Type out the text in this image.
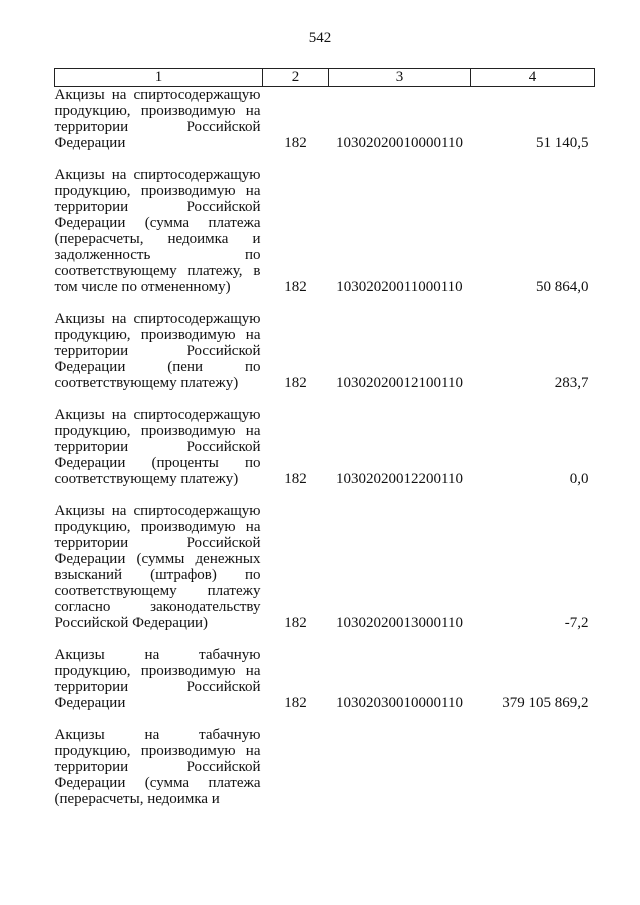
542
1	2	3	4
Акцизы на спиртосодержащую продукцию, производимую на территории Российской Федерации	182	10302020010000110	51 140,5

Акцизы на спиртосодержащую продукцию, производимую на территории Российской Федерации (сумма платежа (перерасчеты, недоимка и задолженность по соответствующему платежу, в том числе по отмененному)	182	10302020011000110	50 864,0

Акцизы на спиртосодержащую продукцию, производимую на территории Российской Федерации (пени по соответствующему платежу)	182	10302020012100110	283,7

Акцизы на спиртосодержащую продукцию, производимую на территории Российской Федерации (проценты по соответствующему платежу)	182	10302020012200110	0,0

Акцизы на спиртосодержащую продукцию, производимую на территории Российской Федерации (суммы денежных взысканий (штрафов) по соответствующему платежу согласно законодательству Российской Федерации)	182	10302020013000110	-7,2

Акцизы на табачную продукцию, производимую на территории Российской Федерации	182	10302030010000110	379 105 869,2

Акцизы на табачную продукцию, производимую на территории Российской Федерации (сумма платежа (перерасчеты, недоимка и			
